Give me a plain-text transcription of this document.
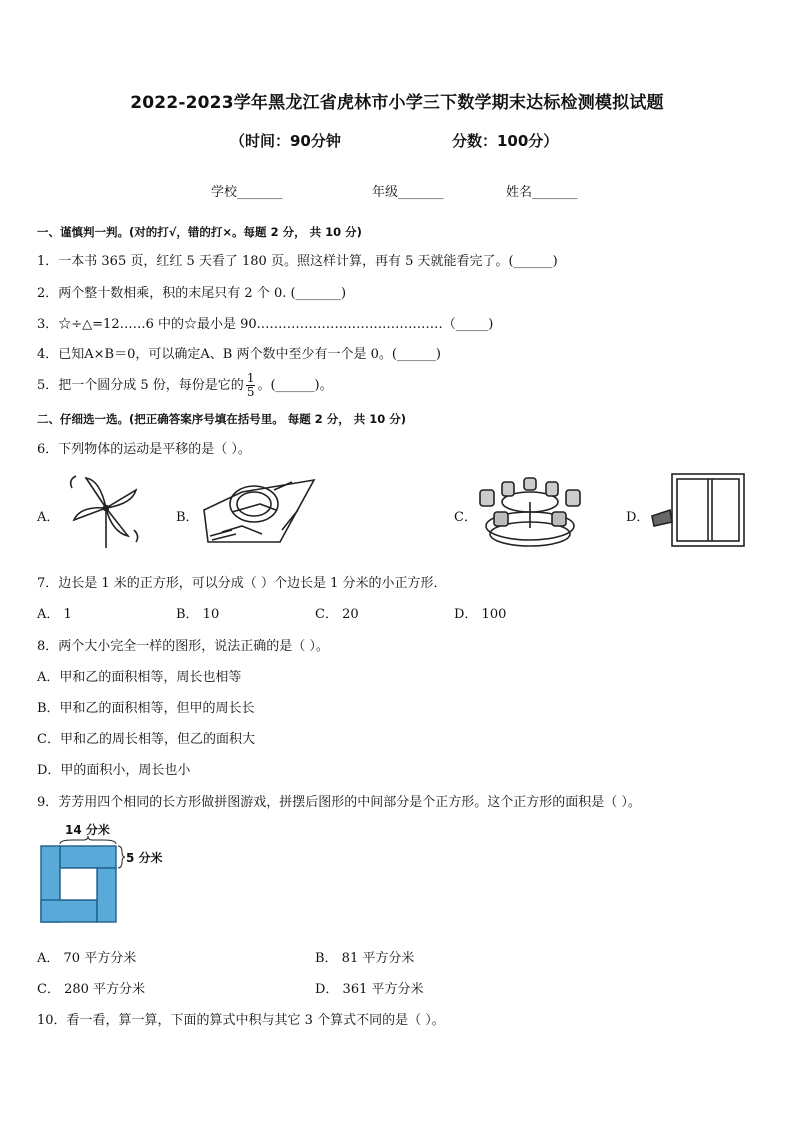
2022-2023学年黑龙江省虎林市小学三下数学期末达标检测模拟试题
（时间：90分钟	分数：100分）
学校_______	年级_______	姓名_______
一、谨慎判一判。(对的打√，错的打×。每题 2 分， 共 10 分)
1．一本书 365 页，红红 5 天看了 180 页。照这样计算，再有 5 天就能看完了。(______)
2．两个整十数相乘，积的末尾只有 2 个 0. (_______)
3．☆÷△=12……6 中的☆最小是 90.……………………………………（_____)
4．已知A×B＝0，可以确定A、B 两个数中至少有一个是 0。(______)
5．把一个圆分成 5 份，每份是它的 $\frac{1}{5}$ 。(______)。
二、仔细选一选。(把正确答案序号填在括号里。 每题 2 分， 共 10 分)
6．下列物体的运动是平移的是（ ）。
A．	B．	C．	D．
7．边长是 1 米的正方形，可以分成（ ）个边长是 1 分米的小正方形．
A． 1	B． 10	C． 20	D． 100
8．两个大小完全一样的图形，说法正确的是（ ）。
A．甲和乙的面积相等，周长也相等
B．甲和乙的面积相等，但甲的周长长
C．甲和乙的周长相等，但乙的面积大
D．甲的面积小，周长也小
9．芳芳用四个相同的长方形做拼图游戏，拼摆后图形的中间部分是个正方形。这个正方形的面积是（ ）。
14 分米
5 分米
A． 70 平方分米	B． 81 平方分米
C． 280 平方分米	D． 361 平方分米
10．看一看，算一算，下面的算式中积与其它 3 个算式不同的是（ ）。
